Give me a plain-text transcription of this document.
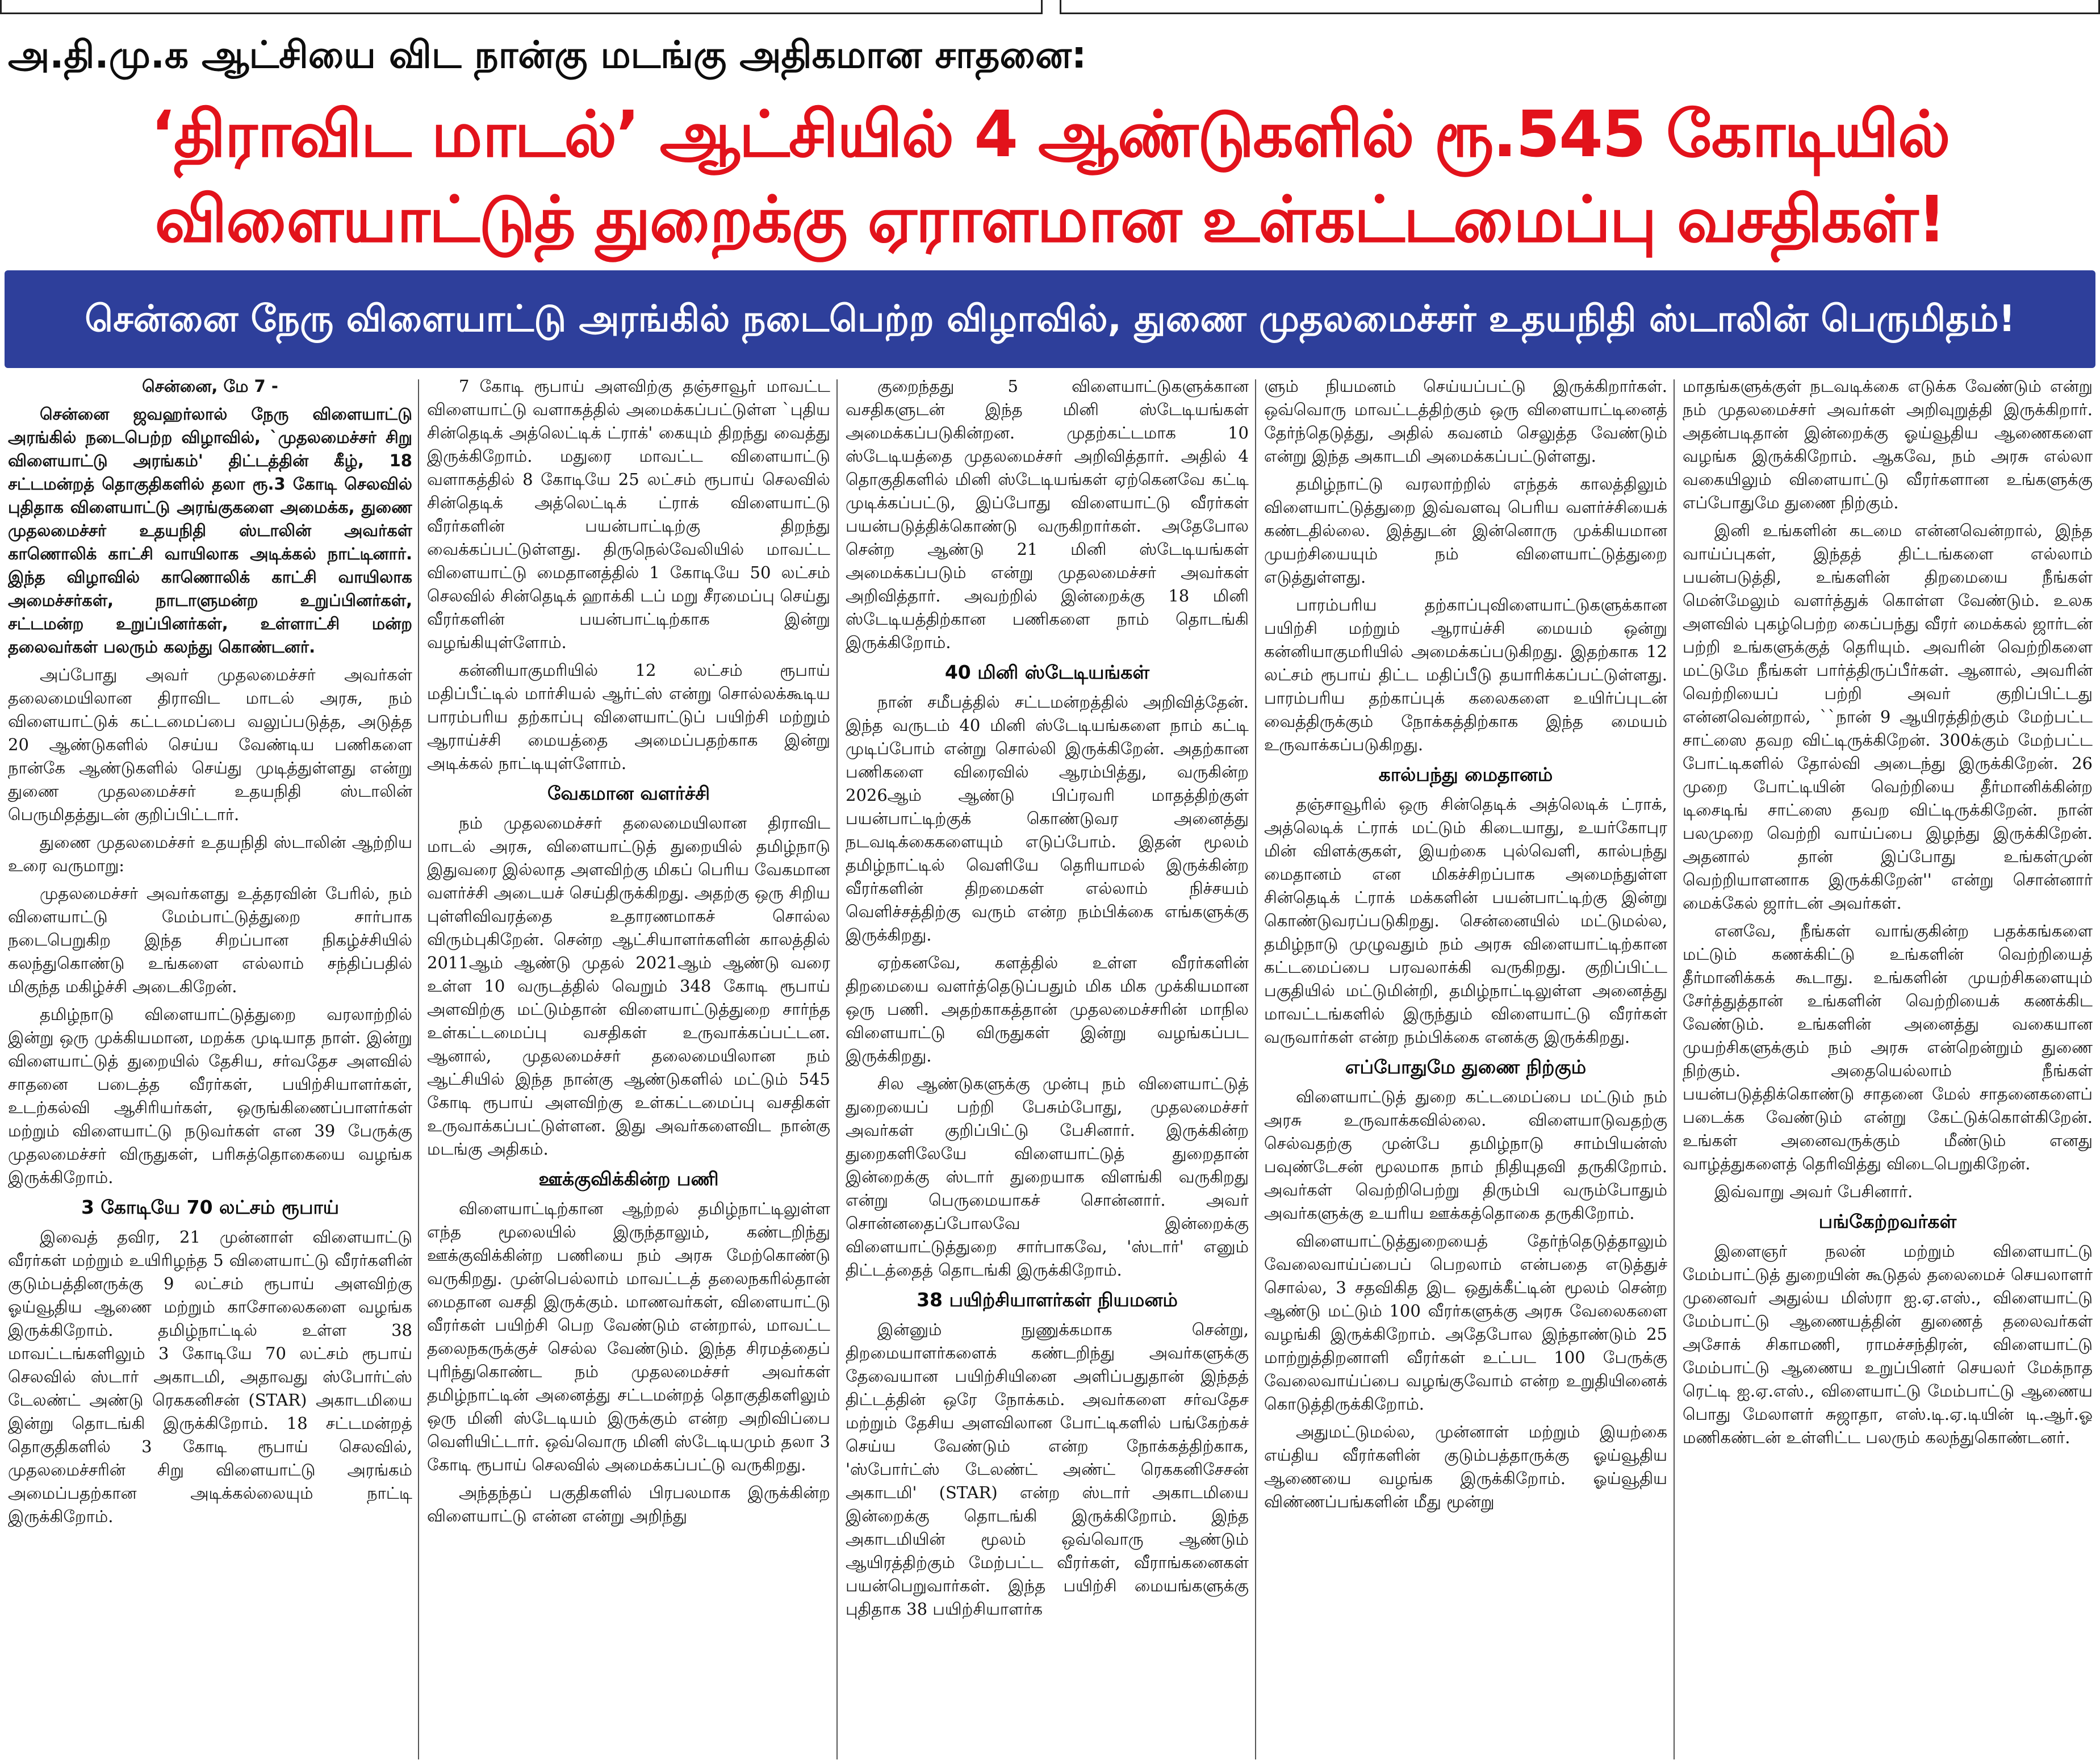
அ.தி.மு.க ஆட்சியை விட நான்கு மடங்கு அதிகமான சாதனை:
‘திராவிட மாடல்’ ஆட்சியில் 4 ஆண்டுகளில் ரூ.545 கோடியில் விளையாட்டுத் துறைக்கு ஏராளமான உள்கட்டமைப்பு வசதிகள்!
சென்னை நேரு விளையாட்டு அரங்கில் நடைபெற்ற விழாவில், துணை முதலமைச்சர் உதயநிதி ஸ்டாலின் பெருமிதம்!

சென்னை, மே 7 -

சென்னை ஜவஹர்லால் நேரு விளையாட்டு அரங்கில் நடைபெற்ற விழாவில், `முதலமைச்சர் சிறு விளையாட்டு அரங்கம்' திட்டத்தின் கீழ், 18 சட்டமன்றத் தொகுதிகளில் தலா ரூ.3 கோடி செலவில் புதிதாக விளையாட்டு அரங்குகளை அமைக்க, துணை முதலமைச்சர் உதயநிதி ஸ்டாலின் அவர்கள் காணொலிக் காட்சி வாயிலாக அடிக்கல் நாட்டினார். இந்த விழாவில் காணொலிக் காட்சி வாயிலாக அமைச்சர்கள், நாடாளுமன்ற உறுப்பினர்கள், சட்டமன்ற உறுப்பினர்கள், உள்ளாட்சி மன்ற தலைவர்கள் பலரும் கலந்து கொண்டனர்.

அப்போது அவர் முதலமைச்சர் அவர்கள் தலைமையிலான திராவிட மாடல் அரசு, நம் விளையாட்டுக் கட்டமைப்பை வலுப்படுத்த, அடுத்த 20 ஆண்டுகளில் செய்ய வேண்டிய பணிகளை நான்கே ஆண்டுகளில் செய்து முடித்துள்ளது என்று துணை முதலமைச்சர் உதயநிதி ஸ்டாலின் பெருமிதத்துடன் குறிப்பிட்டார்.

துணை முதலமைச்சர் உதயநிதி ஸ்டாலின் ஆற்றிய உரை வருமாறு:

முதலமைச்சர் அவர்களது உத்தரவின் பேரில், நம் விளையாட்டு மேம்பாட்டுத்துறை சார்பாக நடைபெறுகிற இந்த சிறப்பான நிகழ்ச்சியில் கலந்துகொண்டு உங்களை எல்லாம் சந்திப்பதில் மிகுந்த மகிழ்ச்சி அடைகிறேன்.

தமிழ்நாடு விளையாட்டுத்துறை வரலாற்றில் இன்று ஒரு முக்கியமான, மறக்க முடியாத நாள். இன்று விளையாட்டுத் துறையில் தேசிய, சர்வதேச அளவில் சாதனை படைத்த வீரர்கள், பயிற்சியாளர்கள், உடற்கல்வி ஆசிரியர்கள், ஒருங்கிணைப்பாளர்கள் மற்றும் விளையாட்டு நடுவர்கள் என 39 பேருக்கு முதலமைச்சர் விருதுகள், பரிசுத்தொகையை வழங்க இருக்கிறோம்.

3 கோடியே 70 லட்சம் ரூபாய்

இவைத் தவிர, 21 முன்னாள் விளையாட்டு வீரர்கள் மற்றும் உயிரிழந்த 5 விளையாட்டு வீரர்களின் குடும்பத்தினருக்கு 9 லட்சம் ரூபாய் அளவிற்கு ஓய்வூதிய ஆணை மற்றும் காசோலைகளை வழங்க இருக்கிறோம். தமிழ்நாட்டில் உள்ள 38 மாவட்டங்களிலும் 3 கோடியே 70 லட்சம் ரூபாய் செலவில் ஸ்டார் அகாடமி, அதாவது ஸ்போர்ட்ஸ் டேலண்ட் அண்டு ரெககனிசன் (STAR) அகாடமியை இன்று தொடங்கி இருக்கிறோம். 18 சட்டமன்றத் தொகுதிகளில் 3 கோடி ரூபாய் செலவில், முதலமைச்சரின் சிறு விளையாட்டு அரங்கம் அமைப்பதற்கான அடிக்கல்லையும் நாட்டி இருக்கிறோம்.

7 கோடி ரூபாய் அளவிற்கு தஞ்சாவூர் மாவட்ட விளையாட்டு வளாகத்தில் அமைக்கப்பட்டுள்ள `புதிய சின்தெடிக் அத்லெட்டிக் ட்ராக்' கையும் திறந்து வைத்து இருக்கிறோம். மதுரை மாவட்ட விளையாட்டு வளாகத்தில் 8 கோடியே 25 லட்சம் ரூபாய் செலவில் சின்தெடிக் அத்லெட்டிக் ட்ராக் விளையாட்டு வீரர்களின் பயன்பாட்டிற்கு திறந்து வைக்கப்பட்டுள்ளது. திருநெல்வேலியில் மாவட்ட விளையாட்டு மைதானத்தில் 1 கோடியே 50 லட்சம் செலவில் சின்தெடிக் ஹாக்கி டப் மறு சீரமைப்பு செய்து வீரர்களின் பயன்பாட்டிற்காக இன்று வழங்கியுள்ளோம்.

கன்னியாகுமரியில் 12 லட்சம் ரூபாய் மதிப்பீட்டில் மார்சியல் ஆர்ட்ஸ் என்று சொல்லக்கூடிய பாரம்பரிய தற்காப்பு விளையாட்டுப் பயிற்சி மற்றும் ஆராய்ச்சி மையத்தை அமைப்பதற்காக இன்று அடிக்கல் நாட்டியுள்ளோம்.

வேகமான வளர்ச்சி

நம் முதலமைச்சர் தலைமையிலான திராவிட மாடல் அரசு, விளையாட்டுத் துறையில் தமிழ்நாடு இதுவரை இல்லாத அளவிற்கு மிகப் பெரிய வேகமான வளர்ச்சி அடையச் செய்திருக்கிறது. அதற்கு ஒரு சிறிய புள்ளிவிவரத்தை உதாரணமாகச் சொல்ல விரும்புகிறேன். சென்ற ஆட்சியாளர்களின் காலத்தில் 2011ஆம் ஆண்டு முதல் 2021ஆம் ஆண்டு வரை உள்ள 10 வருடத்தில் வெறும் 348 கோடி ரூபாய் அளவிற்கு மட்டும்தான் விளையாட்டுத்துறை சார்ந்த உள்கட்டமைப்பு வசதிகள் உருவாக்கப்பட்டன. ஆனால், முதலமைச்சர் தலைமையிலான நம் ஆட்சியில் இந்த நான்கு ஆண்டுகளில் மட்டும் 545 கோடி ரூபாய் அளவிற்கு உள்கட்டமைப்பு வசதிகள் உருவாக்கப்பட்டுள்ளன. இது அவர்களைவிட நான்கு மடங்கு அதிகம்.

ஊக்குவிக்கின்ற பணி

விளையாட்டிற்கான ஆற்றல் தமிழ்நாட்டிலுள்ள எந்த மூலையில் இருந்தாலும், கண்டறிந்து ஊக்குவிக்கின்ற பணியை நம் அரசு மேற்கொண்டு வருகிறது. முன்பெல்லாம் மாவட்டத் தலைநகரில்தான் மைதான வசதி இருக்கும். மாணவர்கள், விளையாட்டு வீரர்கள் பயிற்சி பெற வேண்டும் என்றால், மாவட்ட தலைநகருக்குச் செல்ல வேண்டும். இந்த சிரமத்தைப் புரிந்துகொண்ட நம் முதலமைச்சர் அவர்கள் தமிழ்நாட்டின் அனைத்து சட்டமன்றத் தொகுதிகளிலும் ஒரு மினி ஸ்டேடியம் இருக்கும் என்ற அறிவிப்பை வெளியிட்டார். ஒவ்வொரு மினி ஸ்டேடியமும் தலா 3 கோடி ரூபாய் செலவில் அமைக்கப்பட்டு வருகிறது.

அந்தந்தப் பகுதிகளில் பிரபலமாக இருக்கின்ற விளையாட்டு என்ன என்று அறிந்து

குறைந்தது 5 விளையாட்டுகளுக்கான வசதிகளுடன் இந்த மினி ஸ்டேடியங்கள் அமைக்கப்படுகின்றன. முதற்கட்டமாக 10 ஸ்டேடியத்தை முதலமைச்சர் அறிவித்தார். அதில் 4 தொகுதிகளில் மினி ஸ்டேடியங்கள் ஏற்கெனவே கட்டி முடிக்கப்பட்டு, இப்போது விளையாட்டு வீரர்கள் பயன்படுத்திக்கொண்டு வருகிறார்கள். அதேபோல சென்ற ஆண்டு 21 மினி ஸ்டேடியங்கள் அமைக்கப்படும் என்று முதலமைச்சர் அவர்கள் அறிவித்தார். அவற்றில் இன்றைக்கு 18 மினி ஸ்டேடியத்திற்கான பணிகளை நாம் தொடங்கி இருக்கிறோம்.

40 மினி ஸ்டேடியங்கள்

நான் சமீபத்தில் சட்டமன்றத்தில் அறிவித்தேன். இந்த வருடம் 40 மினி ஸ்டேடியங்களை நாம் கட்டி முடிப்போம் என்று சொல்லி இருக்கிறேன். அதற்கான பணிகளை விரைவில் ஆரம்பித்து, வருகின்ற 2026ஆம் ஆண்டு பிப்ரவரி மாதத்திற்குள் பயன்பாட்டிற்குக் கொண்டுவர அனைத்து நடவடிக்கைகளையும் எடுப்போம். இதன் மூலம் தமிழ்நாட்டில் வெளியே தெரியாமல் இருக்கின்ற வீரர்களின் திறமைகள் எல்லாம் நிச்சயம் வெளிச்சத்திற்கு வரும் என்ற நம்பிக்கை எங்களுக்கு இருக்கிறது.

ஏற்கனவே, களத்தில் உள்ள வீரர்களின் திறமையை வளர்த்தெடுப்பதும் மிக மிக முக்கியமான ஒரு பணி. அதற்காகத்தான் முதலமைச்சரின் மாநில விளையாட்டு விருதுகள் இன்று வழங்கப்பட இருக்கிறது.

சில ஆண்டுகளுக்கு முன்பு நம் விளையாட்டுத் துறையைப் பற்றி பேசும்போது, முதலமைச்சர் அவர்கள் குறிப்பிட்டு பேசினார். இருக்கின்ற துறைகளிலேயே விளையாட்டுத் துறைதான் இன்றைக்கு ஸ்டார் துறையாக விளங்கி வருகிறது என்று பெருமையாகச் சொன்னார். அவர் சொன்னதைப்போலவே இன்றைக்கு விளையாட்டுத்துறை சார்பாகவே, 'ஸ்டார்' எனும் திட்டத்தைத் தொடங்கி இருக்கிறோம்.

38 பயிற்சியாளர்கள் நியமனம்

இன்னும் நுணுக்கமாக சென்று, திறமையாளர்களைக் கண்டறிந்து அவர்களுக்கு தேவையான பயிற்சியினை அளிப்பதுதான் இந்தத் திட்டத்தின் ஒரே நோக்கம். அவர்களை சர்வதேச மற்றும் தேசிய அளவிலான போட்டிகளில் பங்கேற்கச் செய்ய வேண்டும் என்ற நோக்கத்திற்காக, 'ஸ்போர்ட்ஸ் டேலண்ட் அண்ட் ரெககனிசேசன் அகாடமி' (STAR) என்ற ஸ்டார் அகாடமியை இன்றைக்கு தொடங்கி இருக்கிறோம். இந்த அகாடமியின் மூலம் ஒவ்வொரு ஆண்டும் ஆயிரத்திற்கும் மேற்பட்ட வீரர்கள், வீராங்கனைகள் பயன்பெறுவார்கள். இந்த பயிற்சி மையங்களுக்கு புதிதாக 38 பயிற்சியாளர்க

ளும் நியமனம் செய்யப்பட்டு இருக்கிறார்கள். ஒவ்வொரு மாவட்டத்திற்கும் ஒரு விளையாட்டினைத் தேர்ந்தெடுத்து, அதில் கவனம் செலுத்த வேண்டும் என்று இந்த அகாடமி அமைக்கப்பட்டுள்ளது.

தமிழ்நாட்டு வரலாற்றில் எந்தக் காலத்திலும் விளையாட்டுத்துறை இவ்வளவு பெரிய வளர்ச்சியைக் கண்டதில்லை. இத்துடன் இன்னொரு முக்கியமான முயற்சியையும் நம் விளையாட்டுத்துறை எடுத்துள்ளது.

பாரம்பரிய தற்காப்புவிளையாட்டுகளுக்கான பயிற்சி மற்றும் ஆராய்ச்சி மையம் ஒன்று கன்னியாகுமரியில் அமைக்கப்படுகிறது. இதற்காக 12 லட்சம் ரூபாய் திட்ட மதிப்பீடு தயாரிக்கப்பட்டுள்ளது. பாரம்பரிய தற்காப்புக் கலைகளை உயிர்ப்புடன் வைத்திருக்கும் நோக்கத்திற்காக இந்த மையம் உருவாக்கப்படுகிறது.

கால்பந்து மைதானம்

தஞ்சாவூரில் ஒரு சின்தெடிக் அத்லெடிக் ட்ராக், அத்லெடிக் ட்ராக் மட்டும் கிடையாது, உயர்கோபுர மின் விளக்குகள், இயற்கை புல்வெளி, கால்பந்து மைதானம் என மிகச்சிறப்பாக அமைந்துள்ள சின்தெடிக் ட்ராக் மக்களின் பயன்பாட்டிற்கு இன்று கொண்டுவரப்படுகிறது. சென்னையில் மட்டுமல்ல, தமிழ்நாடு முழுவதும் நம் அரசு விளையாட்டிற்கான கட்டமைப்பை பரவலாக்கி வருகிறது. குறிப்பிட்ட பகுதியில் மட்டுமின்றி, தமிழ்நாட்டிலுள்ள அனைத்து மாவட்டங்களில் இருந்தும் விளையாட்டு வீரர்கள் வருவார்கள் என்ற நம்பிக்கை எனக்கு இருக்கிறது.

எப்போதுமே துணை நிற்கும்

விளையாட்டுத் துறை கட்டமைப்பை மட்டும் நம் அரசு உருவாக்கவில்லை. விளையாடுவதற்கு செல்வதற்கு முன்பே தமிழ்நாடு சாம்பியன்ஸ் பவுண்டேசன் மூலமாக நாம் நிதியுதவி தருகிறோம். அவர்கள் வெற்றிபெற்று திரும்பி வரும்போதும் அவர்களுக்கு உயரிய ஊக்கத்தொகை தருகிறோம்.

விளையாட்டுத்துறையைத் தேர்ந்தெடுத்தாலும் வேலைவாய்ப்பைப் பெறலாம் என்பதை எடுத்துச் சொல்ல, 3 சதவிகித இட ஒதுக்கீட்டின் மூலம் சென்ற ஆண்டு மட்டும் 100 வீரர்களுக்கு அரசு வேலைகளை வழங்கி இருக்கிறோம். அதேபோல இந்தாண்டும் 25 மாற்றுத்திறனாளி வீரர்கள் உட்பட 100 பேருக்கு வேலைவாய்ப்பை வழங்குவோம் என்ற உறுதியினைக் கொடுத்திருக்கிறோம்.

அதுமட்டுமல்ல, முன்னாள் மற்றும் இயற்கை எய்திய வீரர்களின் குடும்பத்தாருக்கு ஓய்வூதிய ஆணையை வழங்க இருக்கிறோம். ஓய்வூதிய விண்ணப்பங்களின் மீது மூன்று

மாதங்களுக்குள் நடவடிக்கை எடுக்க வேண்டும் என்று நம் முதலமைச்சர் அவர்கள் அறிவுறுத்தி இருக்கிறார். அதன்படிதான் இன்றைக்கு ஓய்வூதிய ஆணைகளை வழங்க இருக்கிறோம். ஆகவே, நம் அரசு எல்லா வகையிலும் விளையாட்டு வீரர்களான உங்களுக்கு எப்போதுமே துணை நிற்கும்.

இனி உங்களின் கடமை என்னவென்றால், இந்த வாய்ப்புகள், இந்தத் திட்டங்களை எல்லாம் பயன்படுத்தி, உங்களின் திறமையை நீங்கள் மென்மேலும் வளர்த்துக் கொள்ள வேண்டும். உலக அளவில் புகழ்பெற்ற கைப்பந்து வீரர் மைக்கல் ஜார்டன் பற்றி உங்களுக்குத் தெரியும். அவரின் வெற்றிகளை மட்டுமே நீங்கள் பார்த்திருப்பீர்கள். ஆனால், அவரின் வெற்றியைப் பற்றி அவர் குறிப்பிட்டது என்னவென்றால், ``நான் 9 ஆயிரத்திற்கும் மேற்பட்ட சாட்ஸை தவற விட்டிருக்கிறேன். 300க்கும் மேற்பட்ட போட்டிகளில் தோல்வி அடைந்து இருக்கிறேன். 26 முறை போட்டியின் வெற்றியை தீர்மானிக்கின்ற டிசைடிங் சாட்ஸை தவற விட்டிருக்கிறேன். நான் பலமுறை வெற்றி வாய்ப்பை இழந்து இருக்கிறேன். அதனால் தான் இப்போது உங்கள்முன் வெற்றியாளனாக இருக்கிறேன்'' என்று சொன்னார் மைக்கேல் ஜார்டன் அவர்கள்.

எனவே, நீங்கள் வாங்குகின்ற பதக்கங்களை மட்டும் கணக்கிட்டு உங்களின் வெற்றியைத் தீர்மானிக்கக் கூடாது. உங்களின் முயற்சிகளையும் சேர்த்துத்தான் உங்களின் வெற்றியைக் கணக்கிட வேண்டும். உங்களின் அனைத்து வகையான முயற்சிகளுக்கும் நம் அரசு என்றென்றும் துணை நிற்கும். அதையெல்லாம் நீங்கள் பயன்படுத்திக்கொண்டு சாதனை மேல் சாதனைகளைப் படைக்க வேண்டும் என்று கேட்டுக்கொள்கிறேன். உங்கள் அனைவருக்கும் மீண்டும் எனது வாழ்த்துகளைத் தெரிவித்து விடைபெறுகிறேன்.

இவ்வாறு அவர் பேசினார்.

பங்கேற்றவர்கள்

இளைஞர் நலன் மற்றும் விளையாட்டு மேம்பாட்டுத் துறையின் கூடுதல் தலைமைச் செயலாளர் முனைவர் அதுல்ய மிஸ்ரா ஐ.ஏ.எஸ்., விளையாட்டு மேம்பாட்டு ஆணையத்தின் துணைத் தலைவர்கள் அசோக் சிகாமணி, ராமச்சந்திரன், விளையாட்டு மேம்பாட்டு ஆணைய உறுப்பினர் செயலர் மேக்நாத ரெட்டி ஐ.ஏ.எஸ்., விளையாட்டு மேம்பாட்டு ஆணைய பொது மேலாளர் சுஜாதா, எஸ்.டி.ஏ.டியின் டி.ஆர்.ஓ மணிகண்டன் உள்ளிட்ட பலரும் கலந்துகொண்டனர்.
